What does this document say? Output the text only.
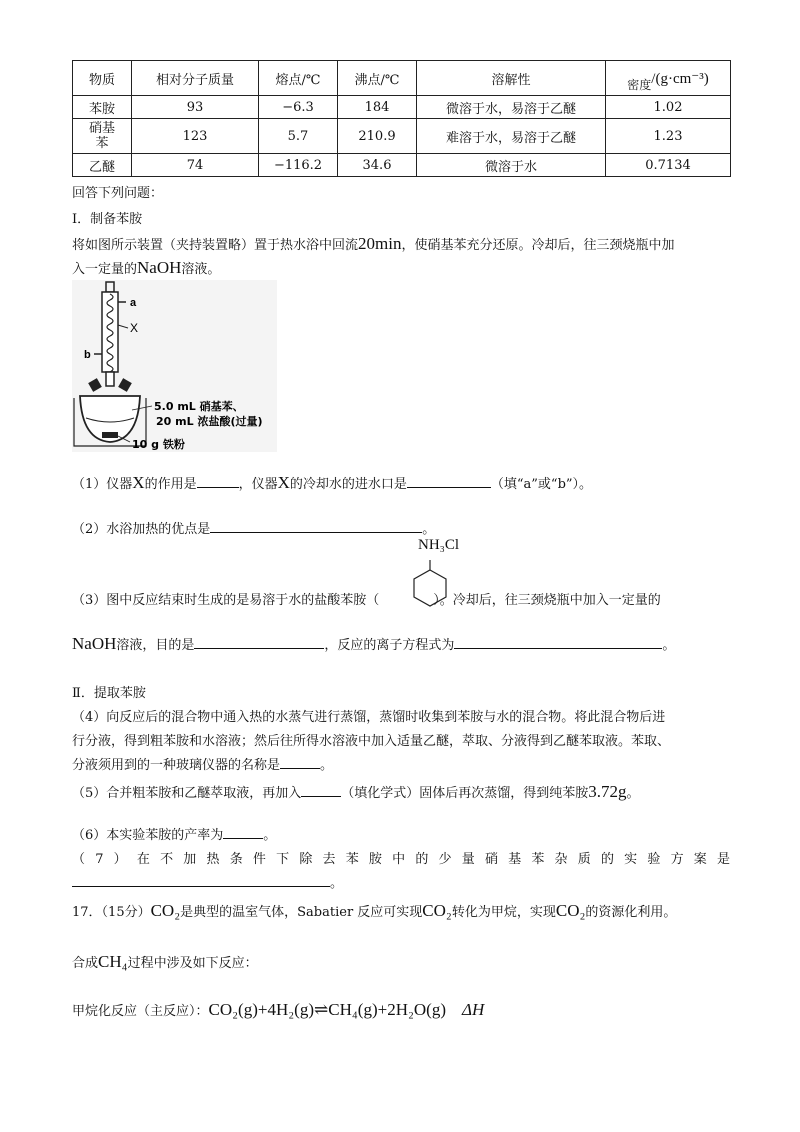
物质	相对分子质量	熔点/℃	沸点/℃	溶解性	密度/(g·cm⁻³)
苯胺	93	−6.3	184	微溶于水，易溶于乙醚	1.02
硝基苯	123	5.7	210.9	难溶于水，易溶于乙醚	1.23
乙醚	74	−116.2	34.6	微溶于水	0.7134
回答下列问题：
Ⅰ．制备苯胺
将如图所示装置（夹持装置略）置于热水浴中回流20min，使硝基苯充分还原。冷却后，往三颈烧瓶中加
入一定量的NaOH溶液。
a
X
b
5.0 mL 硝基苯、
20 mL 浓盐酸(过量)
10 g 铁粉
（1）仪器X的作用是	，仪器X的冷却水的进水口是	（填“a”或“b”）。
（2）水浴加热的优点是	。
NH₃Cl
（3）图中反应结束时生成的是易溶于水的盐酸苯胺（	）。冷却后，往三颈烧瓶中加入一定量的
NaOH溶液，目的是	，反应的离子方程式为	。
Ⅱ．提取苯胺
（4）向反应后的混合物中通入热的水蒸气进行蒸馏，蒸馏时收集到苯胺与水的混合物。将此混合物后进
行分液，得到粗苯胺和水溶液；然后往所得水溶液中加入适量乙醚，萃取、分液得到乙醚苯取液。苯取、
分液须用到的一种玻璃仪器的名称是	。
（5）合并粗苯胺和乙醚萃取液，再加入	（填化学式）固体后再次蒸馏，得到纯苯胺3.72g。
（6）本实验苯胺的产率为	。
（7）在不加热条件下除去苯胺中的少量硝基苯杂质的实验方案是
。
17．（15分）CO₂是典型的温室气体，Sabatier 反应可实现CO₂转化为甲烷，实现CO₂的资源化利用。
合成CH₄过程中涉及如下反应：
甲烷化反应（主反应）：CO₂(g)+4H₂(g)⇌CH₄(g)+2H₂O(g) ΔH
